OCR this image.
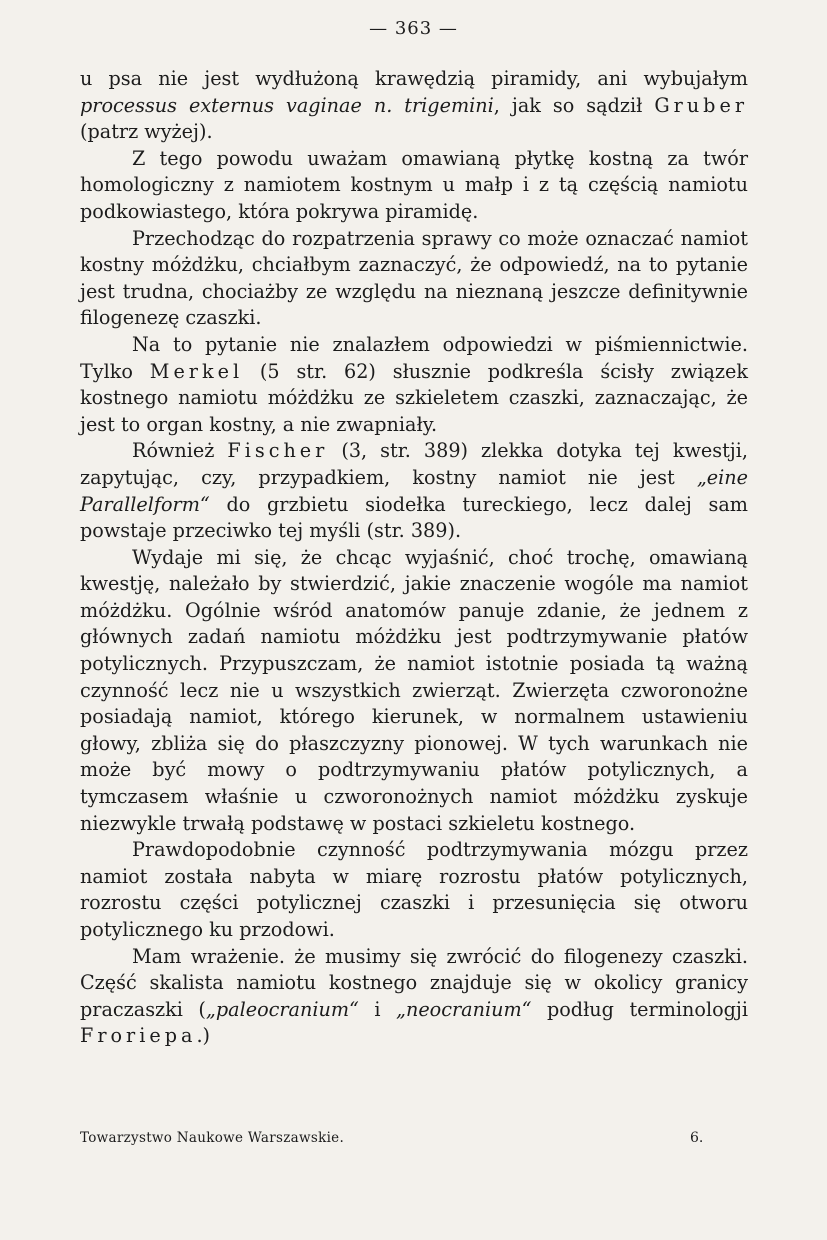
— 363 —

u psa nie jest wydłużoną krawędzią piramidy, ani wybujałym processus externus vaginae n. trigemini, jak so sądził Gruber (patrz wyżej).

Z tego powodu uważam omawianą płytkę kostną za twór homologiczny z namiotem kostnym u małp i z tą częścią namiotu podkowiastego, która pokrywa piramidę.

Przechodząc do rozpatrzenia sprawy co może oznaczać namiot kostny móżdżku, chciałbym zaznaczyć, że odpowiedź, na to pytanie jest trudna, chociażby ze względu na nieznaną jeszcze definitywnie filogenezę czaszki.

Na to pytanie nie znalazłem odpowiedzi w piśmiennictwie. Tylko Merkel (5 str. 62) słusznie podkreśla ścisły związek kostnego namiotu móżdżku ze szkieletem czaszki, zaznaczając, że jest to organ kostny, a nie zwapniały.

Również Fischer (3, str. 389) zlekka dotyka tej kwestji, zapytując, czy, przypadkiem, kostny namiot nie jest „eine Parallelform“ do grzbietu siodełka tureckiego, lecz dalej sam powstaje przeciwko tej myśli (str. 389).

Wydaje mi się, że chcąc wyjaśnić, choć trochę, omawianą kwestję, należało by stwierdzić, jakie znaczenie wogóle ma namiot móżdżku. Ogólnie wśród anatomów panuje zdanie, że jednem z głównych zadań namiotu móżdżku jest podtrzymywanie płatów potylicznych. Przypuszczam, że namiot istotnie posiada tą ważną czynność lecz nie u wszystkich zwierząt. Zwierzęta czworonożne posiadają namiot, którego kierunek, w normalnem ustawieniu głowy, zbliża się do płaszczyzny pionowej. W tych warunkach nie może być mowy o podtrzymywaniu płatów potylicznych, a tymczasem właśnie u czworonożnych namiot móżdżku zyskuje niezwykle trwałą podstawę w postaci szkieletu kostnego.

Prawdopodobnie czynność podtrzymywania mózgu przez namiot została nabyta w miarę rozrostu płatów potylicznych, rozrostu części potylicznej czaszki i przesunięcia się otworu potylicznego ku przodowi.

Mam wrażenie. że musimy się zwrócić do filogenezy czaszki. Część skalista namiotu kostnego znajduje się w okolicy granicy praczaszki („paleocranium“ i „neocranium“ podług terminologji Froriepa.)

Towarzystwo Naukowe Warszawskie.	6.
